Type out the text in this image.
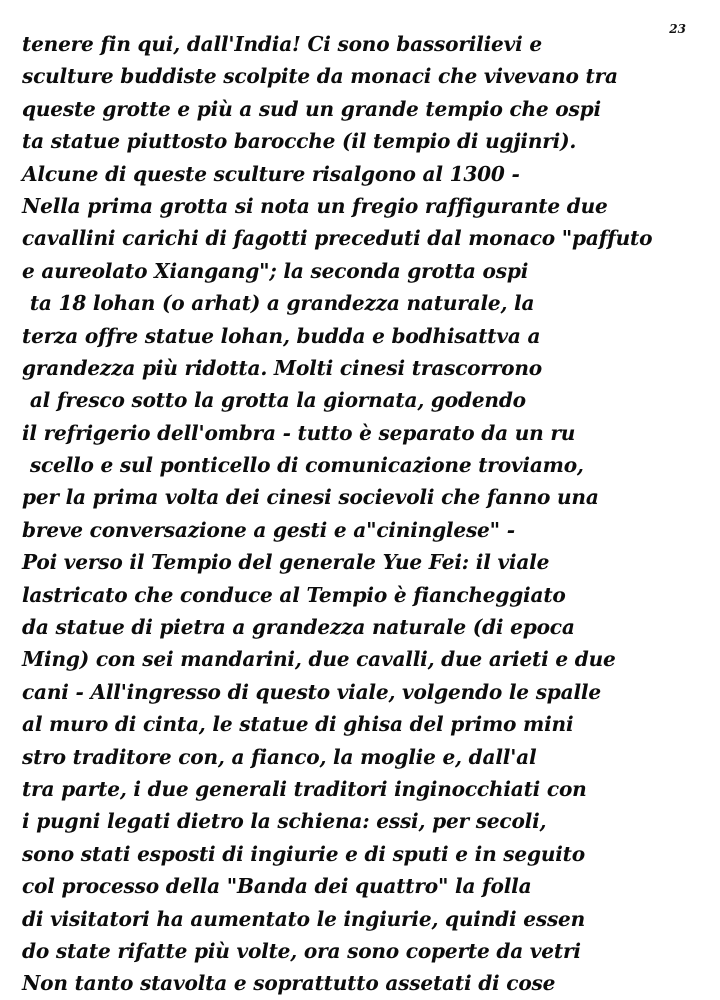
23
tenere fin qui, dall'India! Ci sono bassorilievi e
sculture buddiste scolpite da monaci che vivevano tra
queste grotte e più a sud un grande tempio che ospi
ta statue piuttosto barocche (il tempio di ugjinri).
Alcune di queste sculture risalgono al 1300 -
Nella prima grotta si nota un fregio raffigurante due
cavallini carichi di fagotti preceduti dal monaco "paffuto
e aureolato Xiangang"; la seconda grotta ospi
ta 18 lohan (o arhat) a grandezza naturale, la
terza offre statue lohan, budda e bodhisattva a
grandezza più ridotta. Molti cinesi trascorrono
al fresco sotto la grotta la giornata, godendo
il refrigerio dell'ombra - tutto è separato da un ru
scello e sul ponticello di comunicazione troviamo,
per la prima volta dei cinesi socievoli che fanno una
breve conversazione a gesti e a"cininglese" -
Poi verso il Tempio del generale Yue Fei: il viale
lastricato che conduce al Tempio è fiancheggiato
da statue di pietra a grandezza naturale (di epoca
Ming) con sei mandarini, due cavalli, due arieti e due
cani - All'ingresso di questo viale, volgendo le spalle
al muro di cinta, le statue di ghisa del primo mini
stro traditore con, a fianco, la moglie e, dall'al
tra parte, i due generali traditori inginocchiati con
i pugni legati dietro la schiena: essi, per secoli,
sono stati esposti di ingiurie e di sputi e in seguito
col processo della "Banda dei quattro" la folla
di visitatori ha aumentato le ingiurie, quindi essen
do state rifatte più volte, ora sono coperte da vetri
Non tanto stavolta e soprattutto assetati di cose
